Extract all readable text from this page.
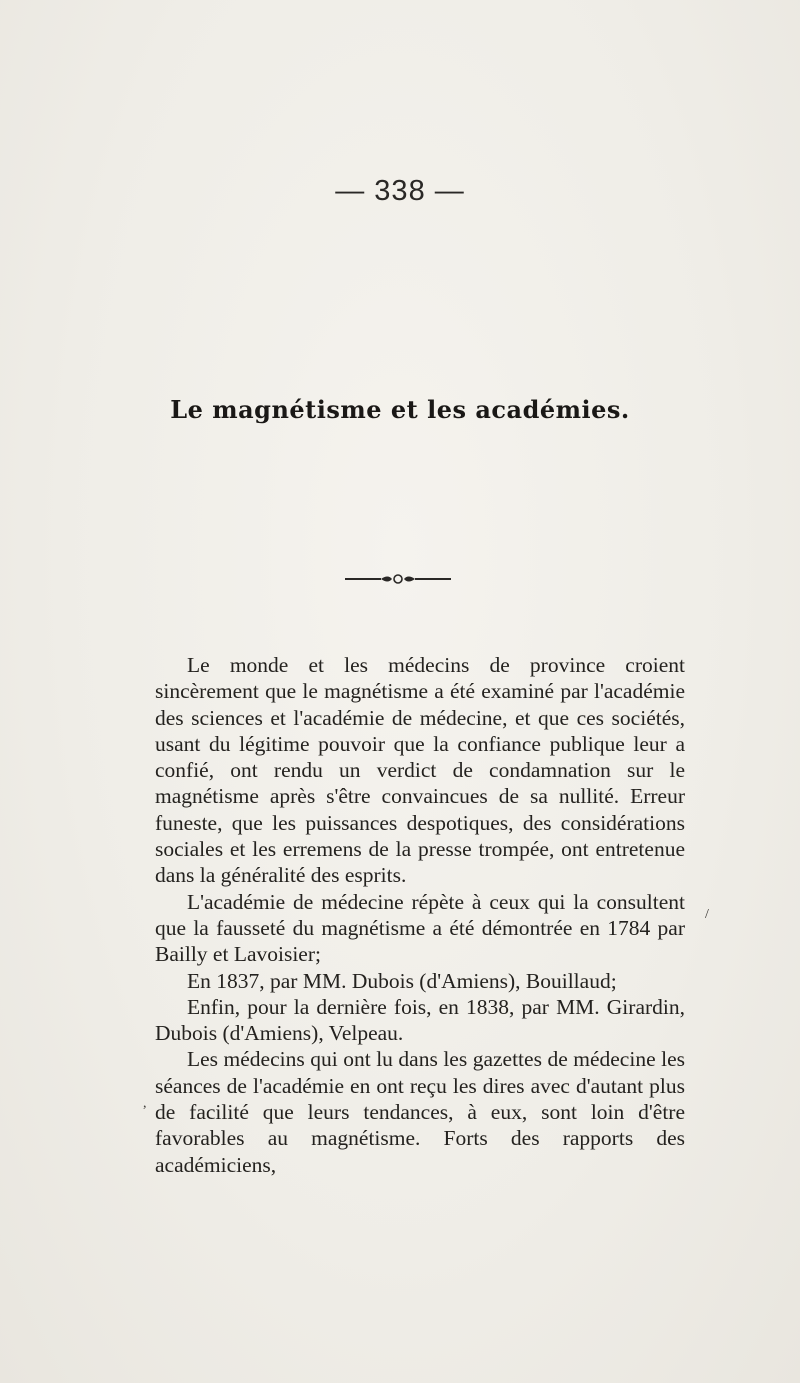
— 338 —
Le magnétisme et les académies.

Le monde et les médecins de province croient sincèrement que le magnétisme a été examiné par l'académie des sciences et l'académie de médecine, et que ces sociétés, usant du légitime pouvoir que la confiance publique leur a confié, ont rendu un verdict de condamnation sur le magnétisme après s'être convaincues de sa nullité. Erreur funeste, que les puissances despotiques, des considérations sociales et les erremens de la presse trompée, ont entretenue dans la généralité des esprits.

L'académie de médecine répète à ceux qui la consultent que la fausseté du magnétisme a été démontrée en 1784 par Bailly et Lavoisier;

En 1837, par MM. Dubois (d'Amiens), Bouillaud;

Enfin, pour la dernière fois, en 1838, par MM. Girardin, Dubois (d'Amiens), Velpeau.

Les médecins qui ont lu dans les gazettes de médecine les séances de l'académie en ont reçu les dires avec d'autant plus de facilité que leurs tendances, à eux, sont loin d'être favorables au magnétisme. Forts des rapports des académiciens,

/
,
